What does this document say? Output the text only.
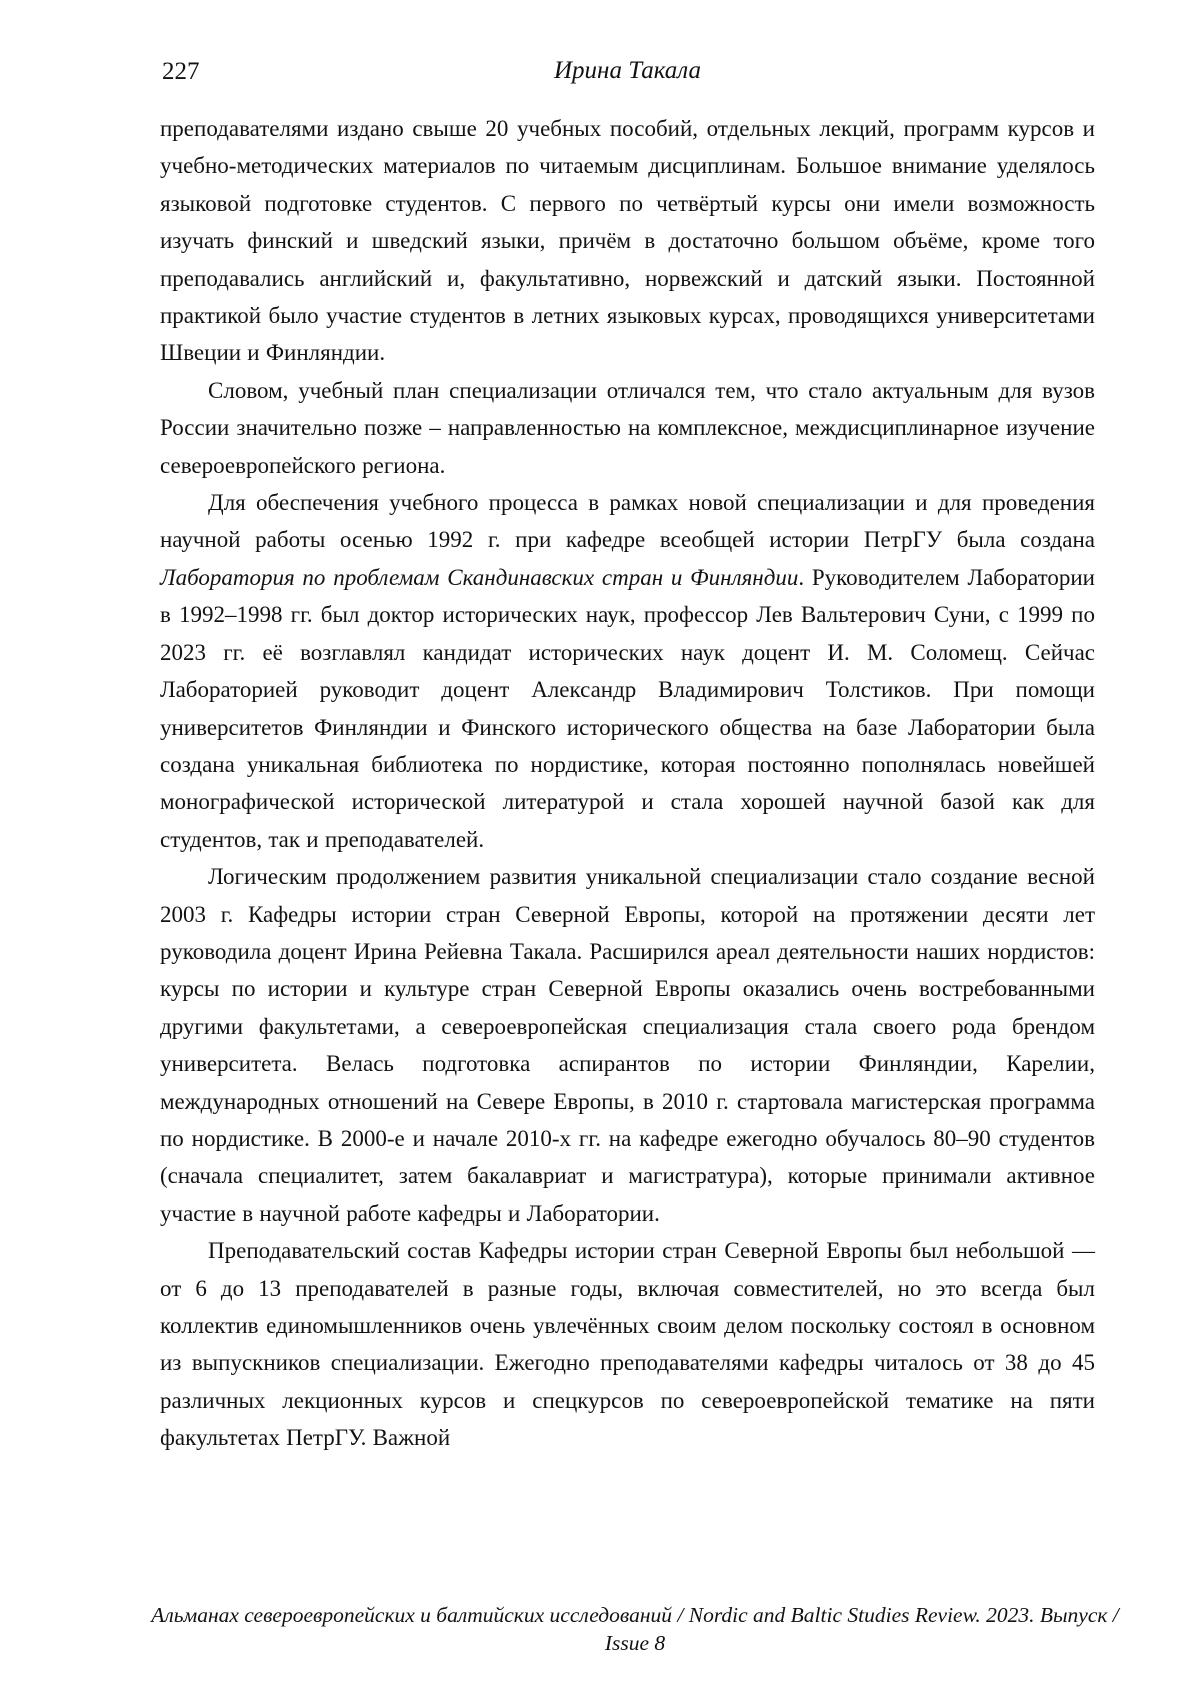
227	Ирина Такала

преподавателями издано свыше 20 учебных пособий, отдельных лекций, программ курсов и учебно-методических материалов по читаемым дисциплинам. Большое внимание уделялось языковой подготовке студентов. С первого по четвёртый курсы они имели возможность изучать финский и шведский языки, причём в достаточно большом объёме, кроме того преподавались английский и, факультативно, норвежский и датский языки. Постоянной практикой было участие студентов в летних языковых курсах, проводящихся университетами Швеции и Финляндии.

Словом, учебный план специализации отличался тем, что стало актуальным для вузов России значительно позже – направленностью на комплексное, междисциплинарное изучение североевропейского региона.

Для обеспечения учебного процесса в рамках новой специализации и для проведения научной работы осенью 1992 г. при кафедре всеобщей истории ПетрГУ была создана Лаборатория по проблемам Скандинавских стран и Финляндии. Руководителем Лаборатории в 1992–1998 гг. был доктор исторических наук, профессор Лев Вальтерович Суни, с 1999 по 2023 гг. её возглавлял кандидат исторических наук доцент И. М. Соломещ. Сейчас Лабораторией руководит доцент Александр Владимирович Толстиков. При помощи университетов Финляндии и Финского исторического общества на базе Лаборатории была создана уникальная библиотека по нордистике, которая постоянно пополнялась новейшей монографической исторической литературой и стала хорошей научной базой как для студентов, так и преподавателей.

Логическим продолжением развития уникальной специализации стало создание весной 2003 г. Кафедры истории стран Северной Европы, которой на протяжении десяти лет руководила доцент Ирина Рейевна Такала. Расширился ареал деятельности наших нордистов: курсы по истории и культуре стран Северной Европы оказались очень востребованными другими факультетами, а североевропейская специализация стала своего рода брендом университета. Велась подготовка аспирантов по истории Финляндии, Карелии, международных отношений на Севере Европы, в 2010 г. стартовала магистерская программа по нордистике. В 2000-е и начале 2010-х гг. на кафедре ежегодно обучалось 80–90 студентов (сначала специалитет, затем бакалавриат и магистратура), которые принимали активное участие в научной работе кафедры и Лаборатории.

Преподавательский состав Кафедры истории стран Северной Европы был небольшой — от 6 до 13 преподавателей в разные годы, включая совместителей, но это всегда был коллектив единомышленников очень увлечённых своим делом поскольку состоял в основном из выпускников специализации. Ежегодно преподавателями кафедры читалось от 38 до 45 различных лекционных курсов и спецкурсов по североевропейской тематике на пяти факультетах ПетрГУ. Важной

Альманах североевропейских и балтийских исследований / Nordic and Baltic Studies Review. 2023. Выпуск / Issue 8
